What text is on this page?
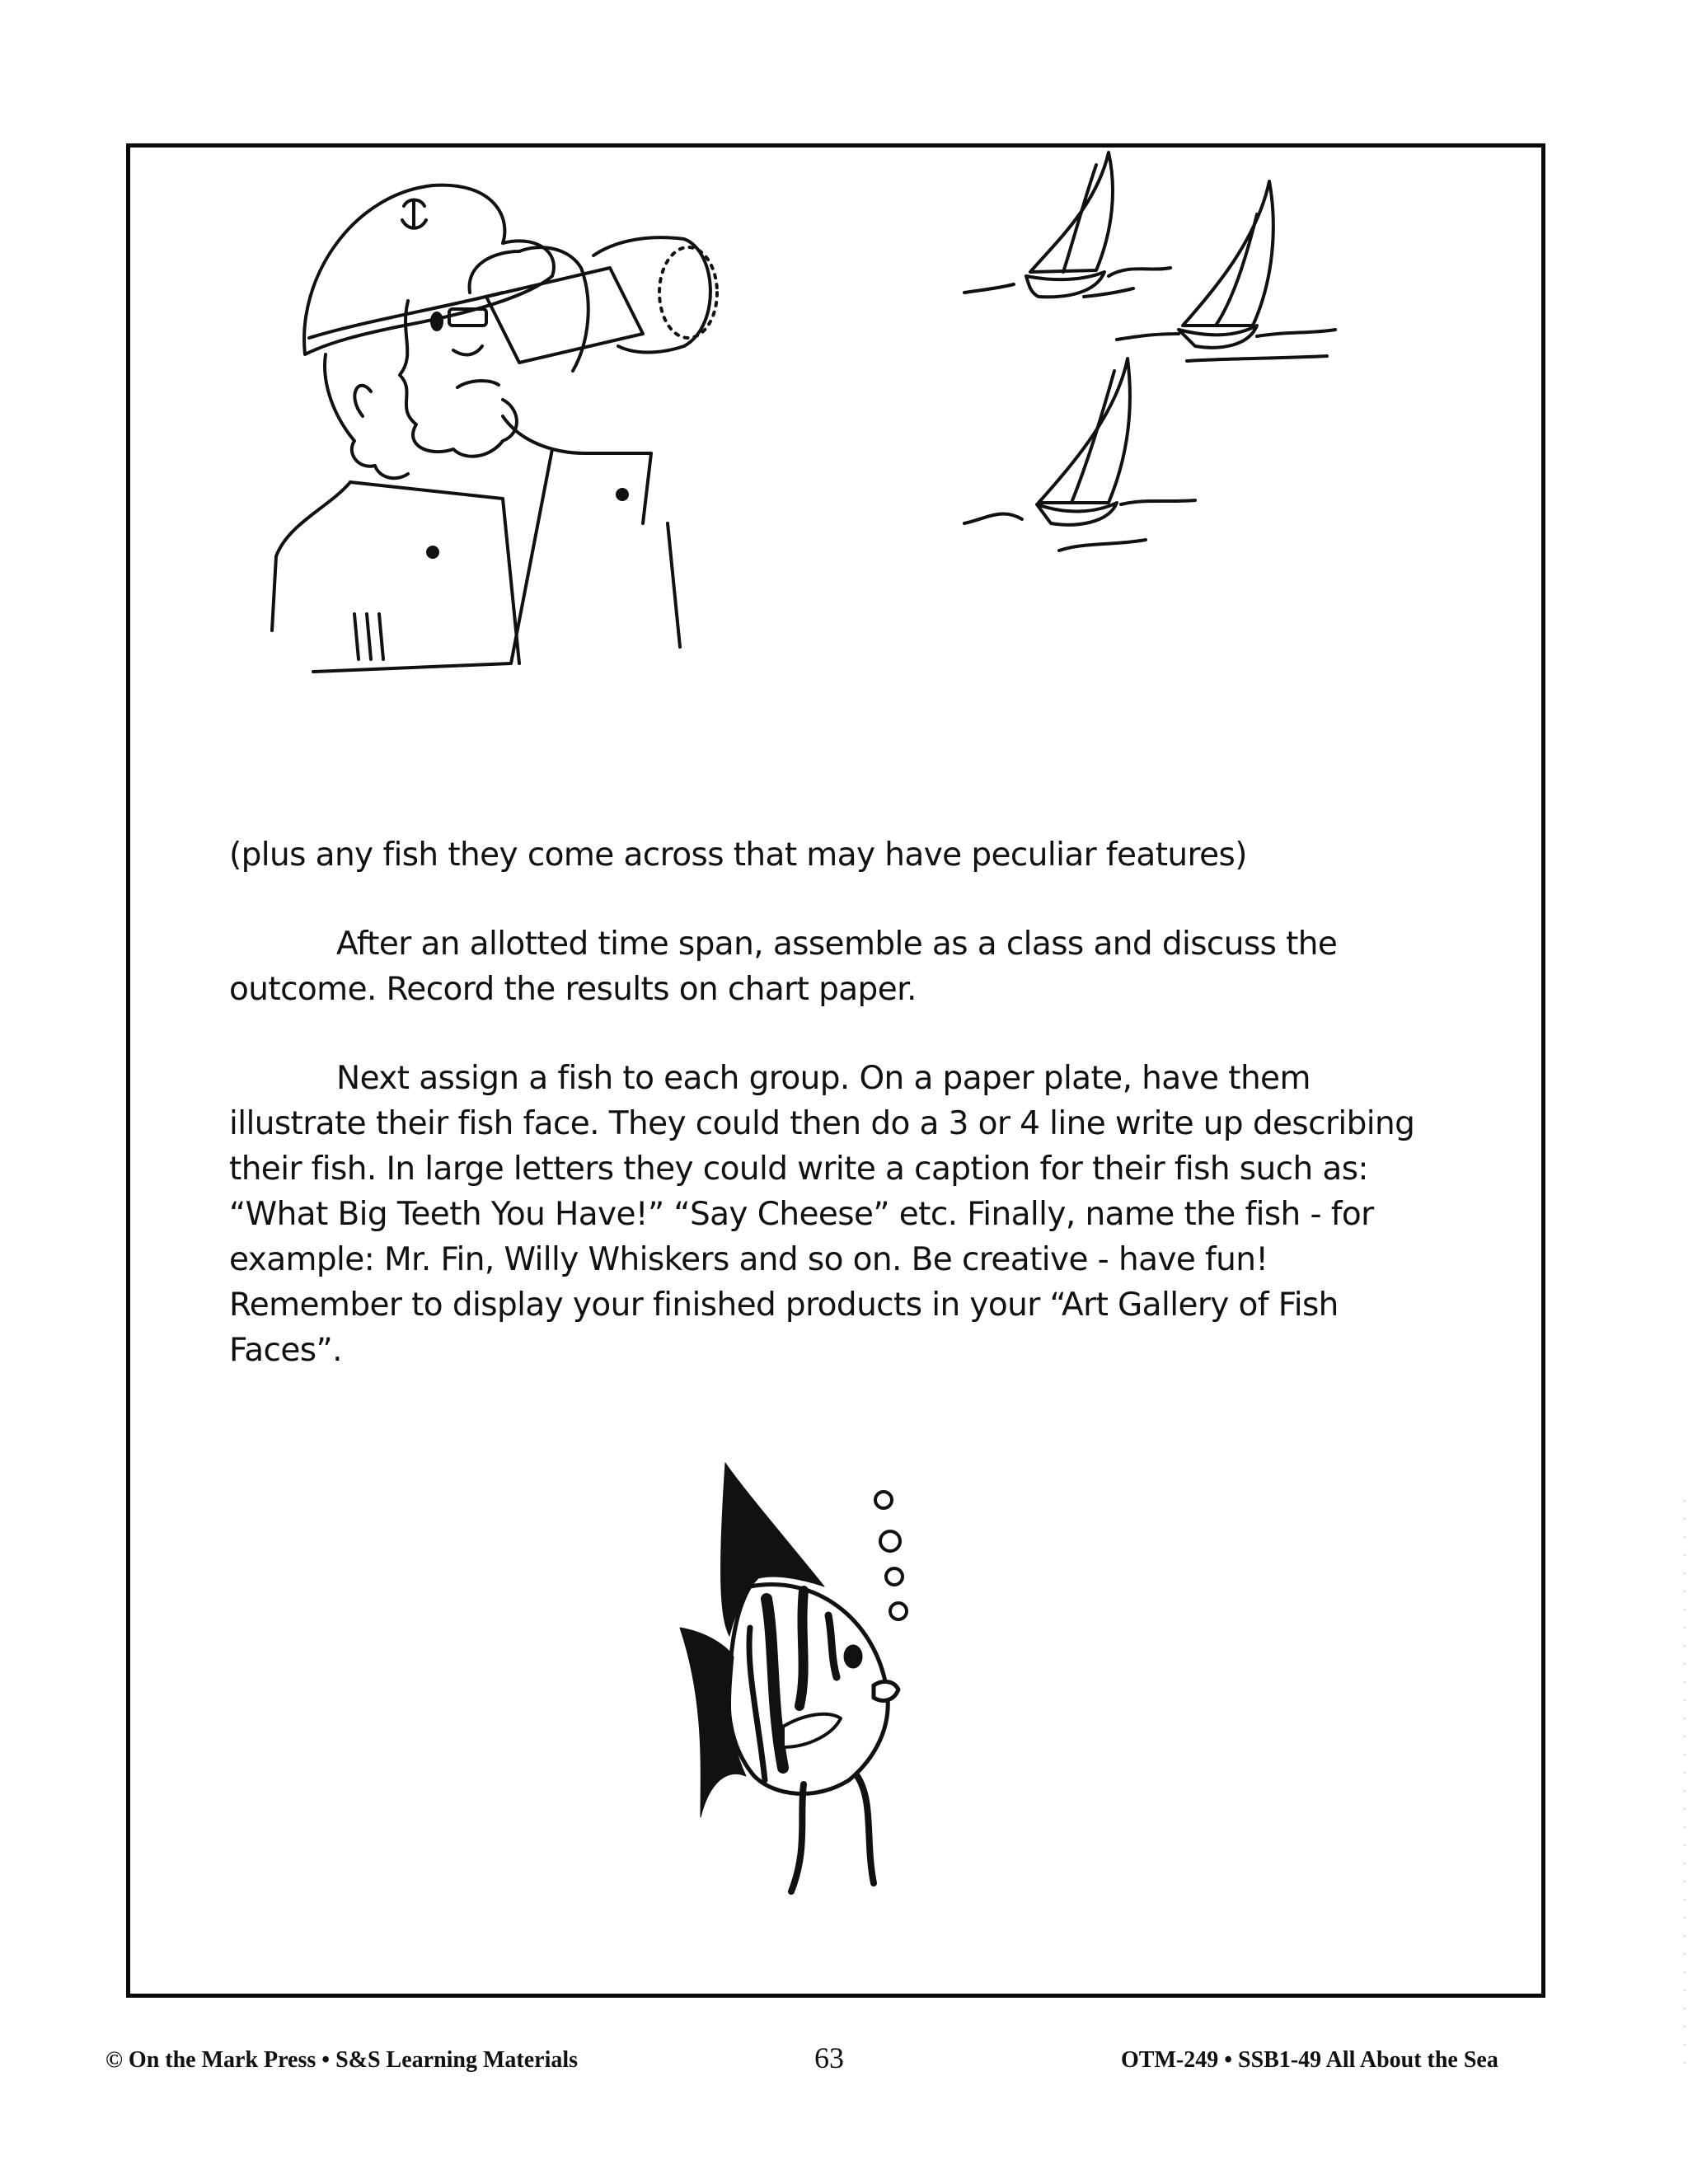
(plus any fish they come across that may have peculiar features)

After an allotted time span, assemble as a class and discuss the outcome. Record the results on chart paper.

Next assign a fish to each group. On a paper plate, have them illustrate their fish face. They could then do a 3 or 4 line write up describing their fish. In large letters they could write a caption for their fish such as: “What Big Teeth You Have!” “Say Cheese” etc. Finally, name the fish - for example: Mr. Fin, Willy Whiskers and so on. Be creative - have fun! Remember to display your finished products in your “Art Gallery of Fish Faces”.

© On the Mark Press • S&S Learning Materials	63	OTM-249 • SSB1-49 All About the Sea
